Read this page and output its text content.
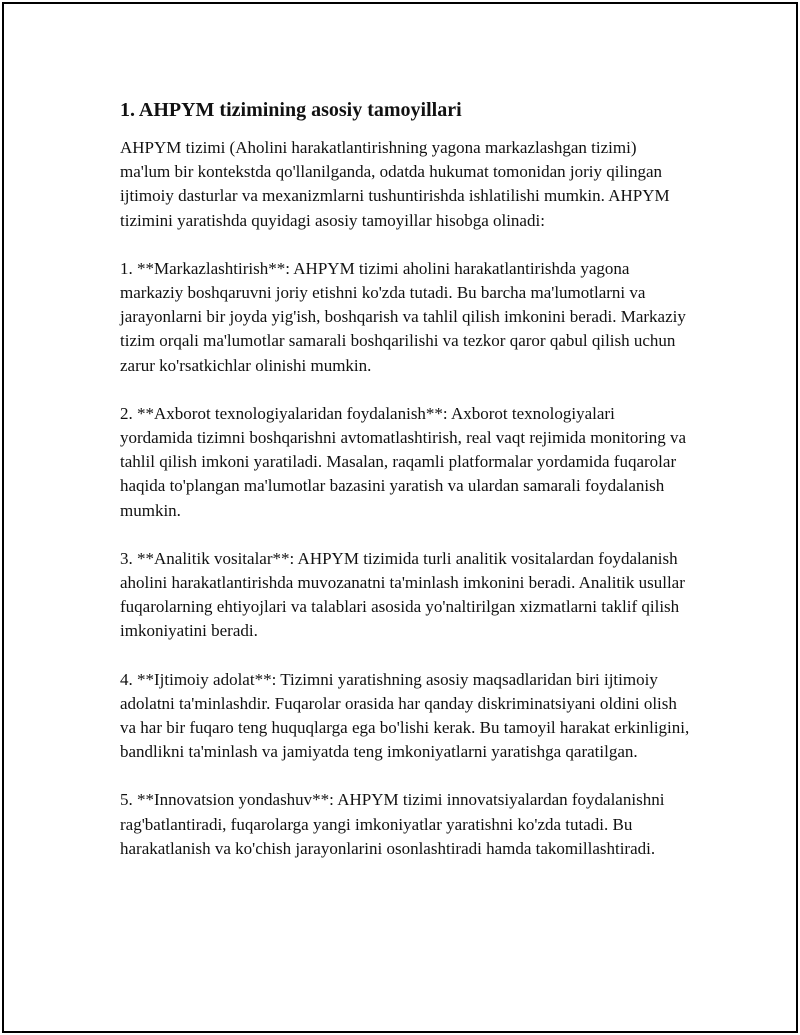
1. AHPYM tizimining asosiy tamoyillari

AHPYM tizimi (Aholini harakatlantirishning yagona markazlashgan tizimi) ma'lum bir kontekstda qo'llanilganda, odatda hukumat tomonidan joriy qilingan ijtimoiy dasturlar va mexanizmlarni tushuntirishda ishlatilishi mumkin. AHPYM tizimini yaratishda quyidagi asosiy tamoyillar hisobga olinadi:

1. **Markazlashtirish**: AHPYM tizimi aholini harakatlantirishda yagona markaziy boshqaruvni joriy etishni ko'zda tutadi. Bu barcha ma'lumotlarni va jarayonlarni bir joyda yig'ish, boshqarish va tahlil qilish imkonini beradi. Markaziy tizim orqali ma'lumotlar samarali boshqarilishi va tezkor qaror qabul qilish uchun zarur ko'rsatkichlar olinishi mumkin.

2. **Axborot texnologiyalaridan foydalanish**: Axborot texnologiyalari yordamida tizimni boshqarishni avtomatlashtirish, real vaqt rejimida monitoring va tahlil qilish imkoni yaratiladi. Masalan, raqamli platformalar yordamida fuqarolar haqida to'plangan ma'lumotlar bazasini yaratish va ulardan samarali foydalanish mumkin.

3. **Analitik vositalar**: AHPYM tizimida turli analitik vositalardan foydalanish aholini harakatlantirishda muvozanatni ta'minlash imkonini beradi. Analitik usullar fuqarolarning ehtiyojlari va talablari asosida yo'naltirilgan xizmatlarni taklif qilish imkoniyatini beradi.

4. **Ijtimoiy adolat**: Tizimni yaratishning asosiy maqsadlaridan biri ijtimoiy adolatni ta'minlashdir. Fuqarolar orasida har qanday diskriminatsiyani oldini olish va har bir fuqaro teng huquqlarga ega bo'lishi kerak. Bu tamoyil harakat erkinligini, bandlikni ta'minlash va jamiyatda teng imkoniyatlarni yaratishga qaratilgan.

5. **Innovatsion yondashuv**: AHPYM tizimi innovatsiyalardan foydalanishni rag'batlantiradi, fuqarolarga yangi imkoniyatlar yaratishni ko'zda tutadi. Bu harakatlanish va ko'chish jarayonlarini osonlashtiradi hamda takomillashtiradi.
